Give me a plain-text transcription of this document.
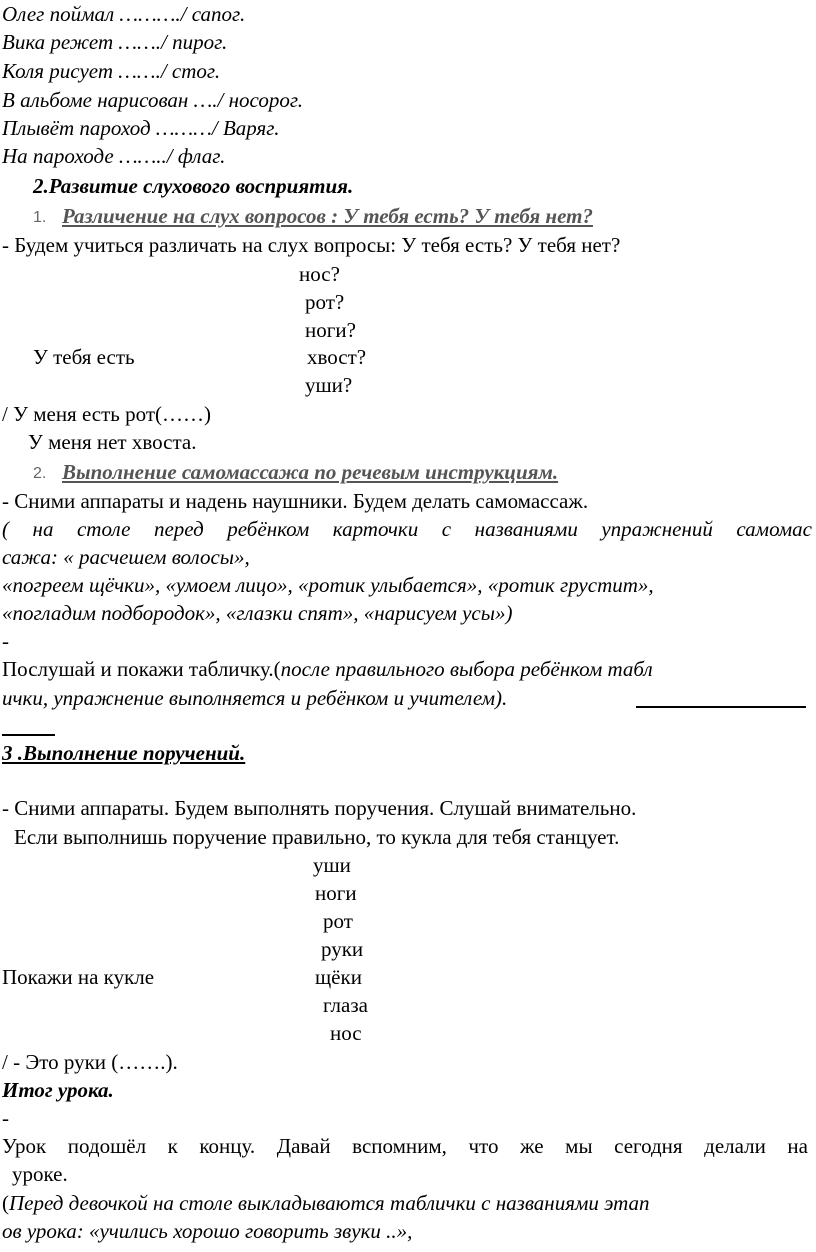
Олег поймал ………./ сапог.
Вика режет ……./ пирог.
Коля рисует ……./ стог.
В альбоме нарисован …./ носорог.
Плывёт пароход ………/ Варяг.
На пароходе ……../ флаг.
2.Развитие слухового восприятия.
1. Различение на слух вопросов : У тебя есть? У тебя нет?
- Будем учиться различать на слух вопросы: У тебя есть? У тебя нет?
нос?
рот?
ноги?
У тебя есть	хвост?
уши?
/ У меня есть рот(……)
У меня нет хвоста.
2. Выполнение самомассажа по речевым инструкциям.
- Сними аппараты и надень наушники. Будем делать самомассаж.
( на столе перед ребёнком карточки с названиями упражнений самомас
сажа: « расчешем волосы»,
«погреем щёчки», «умоем лицо», «ротик улыбается», «ротик грустит»,
«погладим подбородок», «глазки спят», «нарисуем усы»)
-
Послушай и покажи табличку.(после правильного выбора ребёнком табл
ички, упражнение выполняется и ребёнком и учителем).
3 .Выполнение поручений.
- Сними аппараты. Будем выполнять поручения. Слушай внимательно.
Если выполнишь поручение правильно, то кукла для тебя станцует.
уши
ноги
рот
руки
Покажи на кукле	щёки
глаза
нос
/ - Это руки (…….).
Итог урока.
-
Урок подошёл к концу. Давай вспомним, что же мы сегодня делали на
уроке.
(Перед девочкой на столе выкладываются таблички с названиями этап
ов урока: «учились хорошо говорить звуки ..»,
